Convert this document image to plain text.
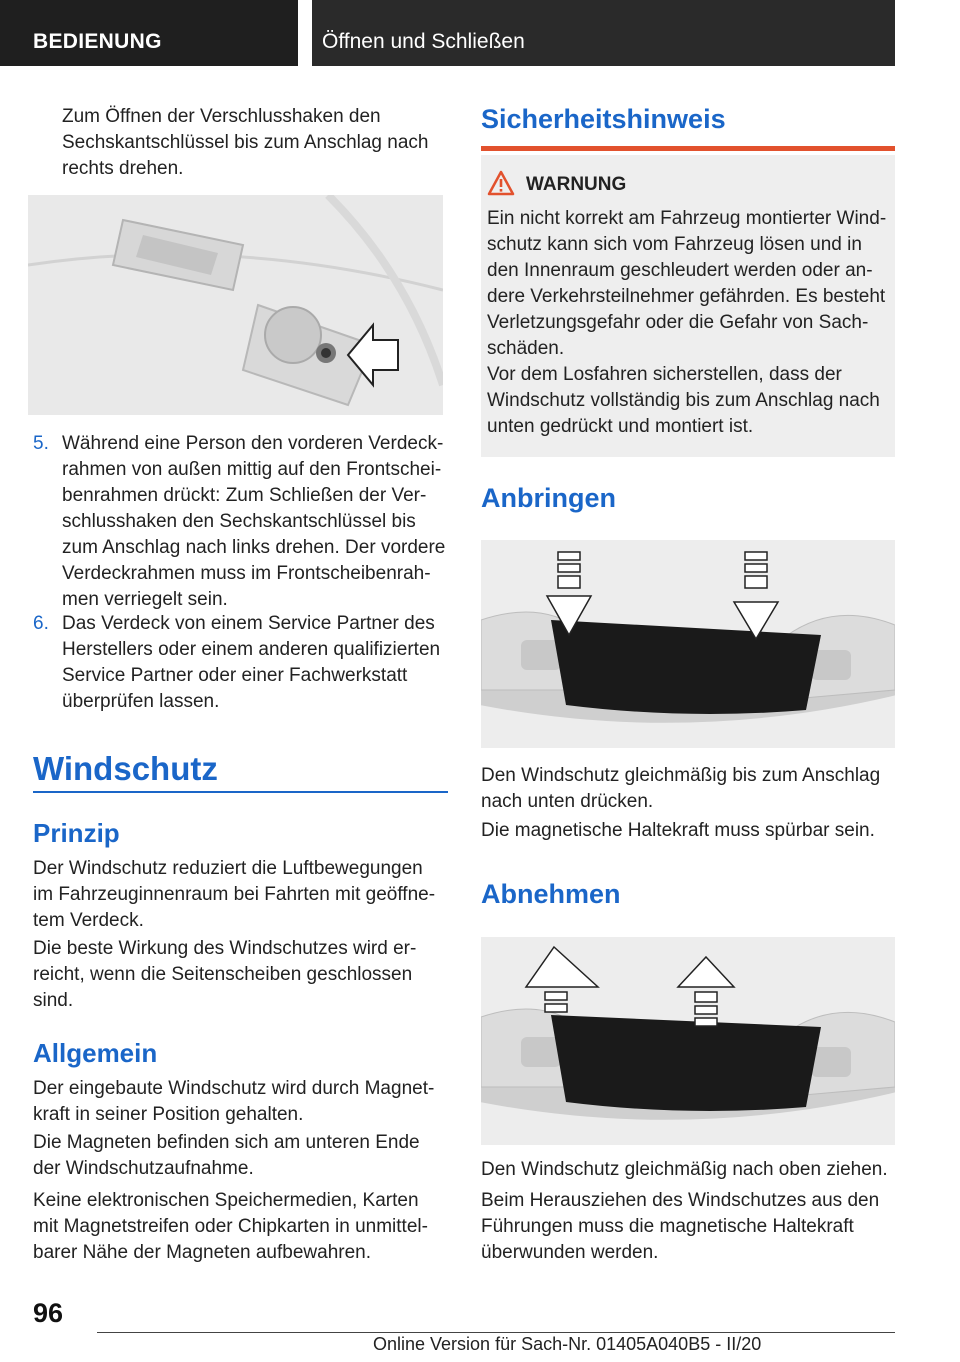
BEDIENUNG	Öffnen und Schließen

Zum Öffnen der Verschlusshaken den Sechskantschlüssel bis zum Anschlag nach rechts drehen.

5. Während eine Person den vorderen Verdeckrahmen von außen mittig auf den Frontscheibenrahmen drückt: Zum Schließen der Verschlusshaken den Sechskantschlüssel bis zum Anschlag nach links drehen. Der vordere Verdeckrahmen muss im Frontscheibenrahmen verriegelt sein.
6. Das Verdeck von einem Service Partner des Herstellers oder einem anderen qualifizierten Service Partner oder einer Fachwerkstatt überprüfen lassen.
Windschutz
Prinzip

Der Windschutz reduziert die Luftbewegungen im Fahrzeuginnenraum bei Fahrten mit geöffnetem Verdeck.

Die beste Wirkung des Windschutzes wird erreicht, wenn die Seitenscheiben geschlossen sind.

Allgemein

Der eingebaute Windschutz wird durch Magnetkraft in seiner Position gehalten.

Die Magneten befinden sich am unteren Ende der Windschutzaufnahme.

Keine elektronischen Speichermedien, Karten mit Magnetstreifen oder Chipkarten in unmittelbarer Nähe der Magneten aufbewahren.

Sicherheitshinweis
WARNUNG

Ein nicht korrekt am Fahrzeug montierter Windschutz kann sich vom Fahrzeug lösen und in den Innenraum geschleudert werden oder andere Verkehrsteilnehmer gefährden. Es besteht Verletzungsgefahr oder die Gefahr von Sachschäden.

Vor dem Losfahren sicherstellen, dass der Windschutz vollständig bis zum Anschlag nach unten gedrückt und montiert ist.

Anbringen

Den Windschutz gleichmäßig bis zum Anschlag nach unten drücken.

Die magnetische Haltekraft muss spürbar sein.

Abnehmen

Den Windschutz gleichmäßig nach oben ziehen.

Beim Herausziehen des Windschutzes aus den Führungen muss die magnetische Haltekraft überwunden werden.

96
Online Version für Sach-Nr. 01405A040B5 - II/20
